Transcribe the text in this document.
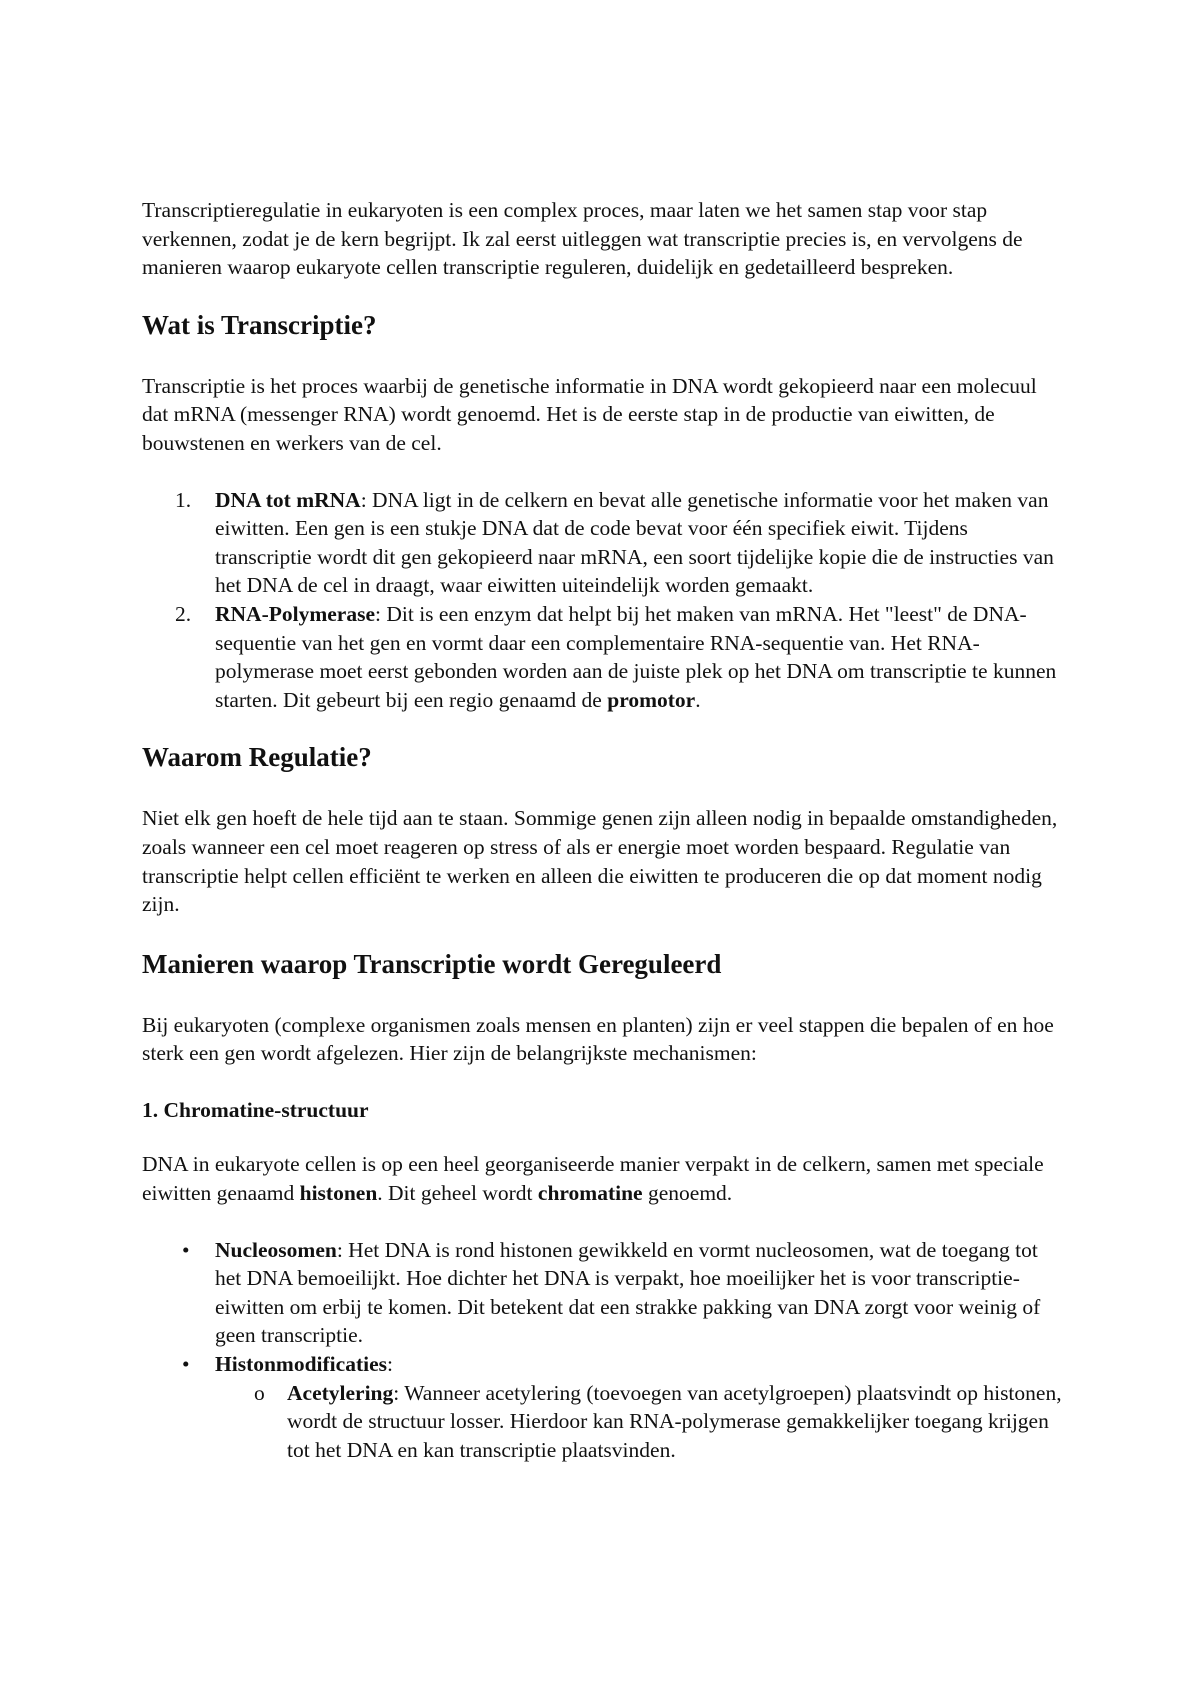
Transcriptieregulatie in eukaryoten is een complex proces, maar laten we het samen stap voor stap verkennen, zodat je de kern begrijpt. Ik zal eerst uitleggen wat transcriptie precies is, en vervolgens de manieren waarop eukaryote cellen transcriptie reguleren, duidelijk en gedetailleerd bespreken.

Wat is Transcriptie?

Transcriptie is het proces waarbij de genetische informatie in DNA wordt gekopieerd naar een molecuul dat mRNA (messenger RNA) wordt genoemd. Het is de eerste stap in de productie van eiwitten, de bouwstenen en werkers van de cel.

1. DNA tot mRNA: DNA ligt in de celkern en bevat alle genetische informatie voor het maken van eiwitten. Een gen is een stukje DNA dat de code bevat voor één specifiek eiwit. Tijdens transcriptie wordt dit gen gekopieerd naar mRNA, een soort tijdelijke kopie die de instructies van het DNA de cel in draagt, waar eiwitten uiteindelijk worden gemaakt.
2. RNA-Polymerase: Dit is een enzym dat helpt bij het maken van mRNA. Het "leest" de DNA-sequentie van het gen en vormt daar een complementaire RNA-sequentie van. Het RNA-polymerase moet eerst gebonden worden aan de juiste plek op het DNA om transcriptie te kunnen starten. Dit gebeurt bij een regio genaamd de promotor.
Waarom Regulatie?

Niet elk gen hoeft de hele tijd aan te staan. Sommige genen zijn alleen nodig in bepaalde omstandigheden, zoals wanneer een cel moet reageren op stress of als er energie moet worden bespaard. Regulatie van transcriptie helpt cellen efficiënt te werken en alleen die eiwitten te produceren die op dat moment nodig zijn.

Manieren waarop Transcriptie wordt Gereguleerd

Bij eukaryoten (complexe organismen zoals mensen en planten) zijn er veel stappen die bepalen of en hoe sterk een gen wordt afgelezen. Hier zijn de belangrijkste mechanismen:

1. Chromatine-structuur

DNA in eukaryote cellen is op een heel georganiseerde manier verpakt in de celkern, samen met speciale eiwitten genaamd histonen. Dit geheel wordt chromatine genoemd.

• Nucleosomen: Het DNA is rond histonen gewikkeld en vormt nucleosomen, wat de toegang tot het DNA bemoeilijkt. Hoe dichter het DNA is verpakt, hoe moeilijker het is voor transcriptie-eiwitten om erbij te komen. Dit betekent dat een strakke pakking van DNA zorgt voor weinig of geen transcriptie.
• Histonmodificaties:
o Acetylering: Wanneer acetylering (toevoegen van acetylgroepen) plaatsvindt op histonen, wordt de structuur losser. Hierdoor kan RNA-polymerase gemakkelijker toegang krijgen tot het DNA en kan transcriptie plaatsvinden.
